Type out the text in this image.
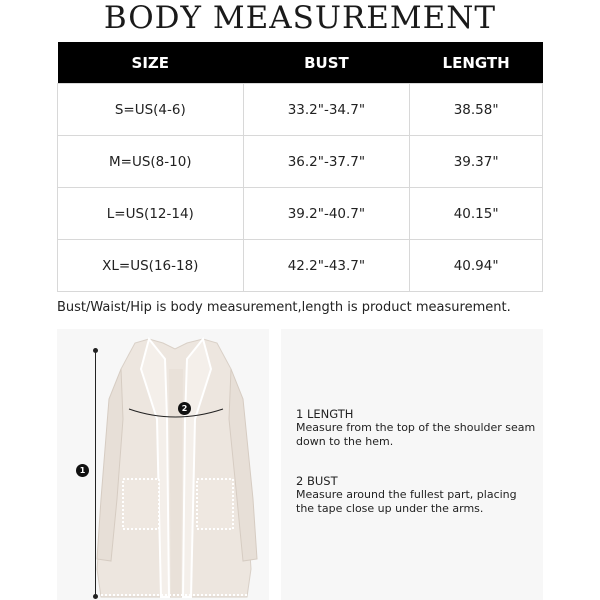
BODY MEASUREMENT
SIZE	BUST	LENGTH
S=US(4-6)	33.2"-34.7"	38.58"
M=US(8-10)	36.2"-37.7"	39.37"
L=US(12-14)	39.2"-40.7"	40.15"
XL=US(16-18)	42.2"-43.7"	40.94"
Bust/Waist/Hip is body measurement,length is product measurement.
1
2	1 LENGTH
Measure from the top of the shoulder seam down to the hem.
2 BUST
Measure around the fullest part, placing the tape close up under the arms.
